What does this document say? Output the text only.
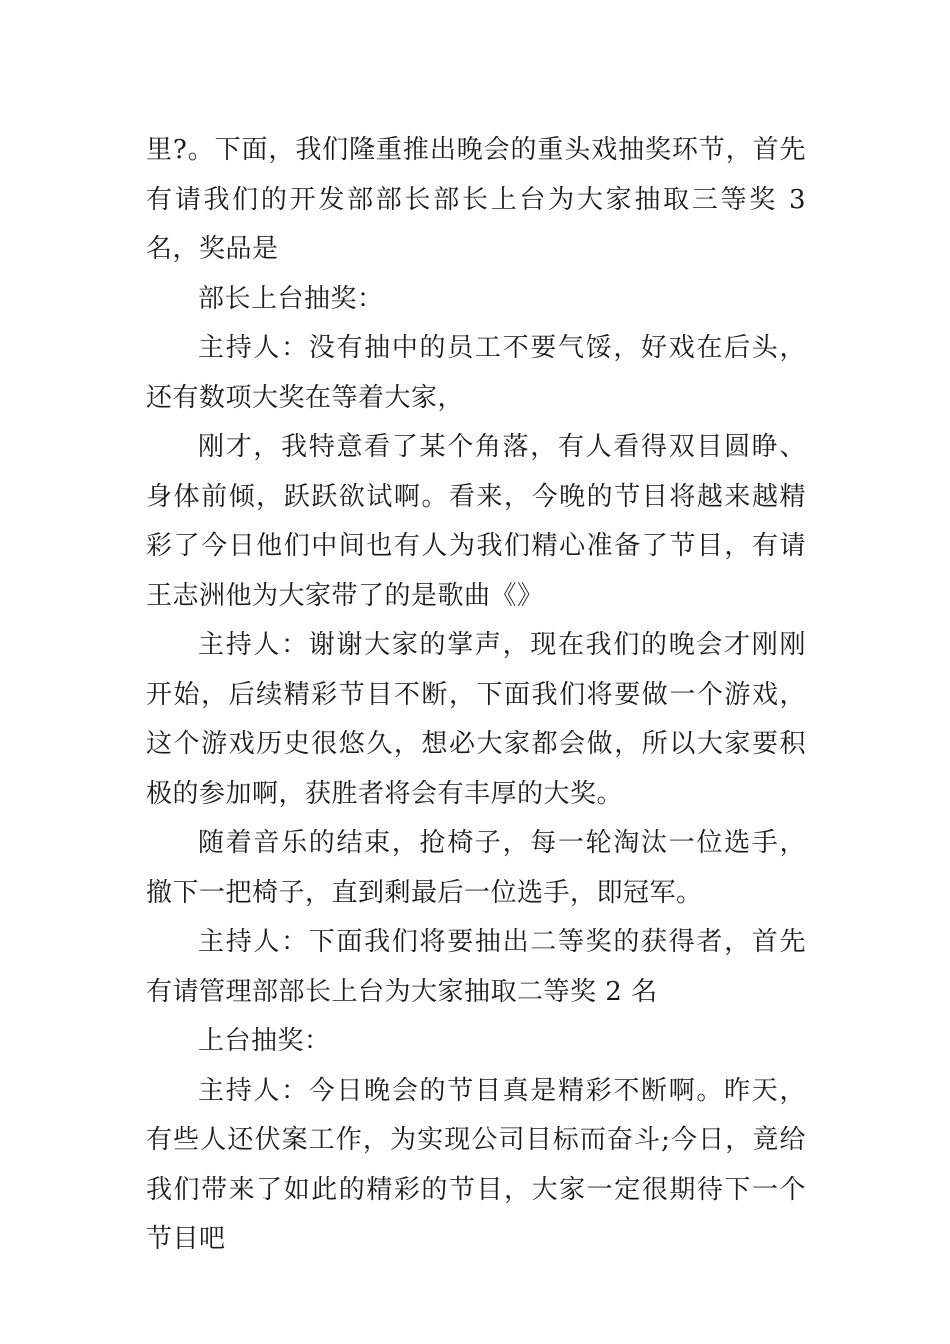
里?。下面，我们隆重推出晚会的重头戏抽奖环节，首先有请我们的开发部部长部长上台为大家抽取三等奖 3 名，奖品是

部长上台抽奖：

主持人：没有抽中的员工不要气馁，好戏在后头，还有数项大奖在等着大家，

刚才，我特意看了某个角落，有人看得双目圆睁、身体前倾，跃跃欲试啊。看来，今晚的节目将越来越精彩了今日他们中间也有人为我们精心准备了节目，有请王志洲他为大家带了的是歌曲《》

主持人：谢谢大家的掌声，现在我们的晚会才刚刚开始，后续精彩节目不断，下面我们将要做一个游戏，这个游戏历史很悠久，想必大家都会做，所以大家要积极的参加啊，获胜者将会有丰厚的大奖。

随着音乐的结束，抢椅子，每一轮淘汰一位选手，撤下一把椅子，直到剩最后一位选手，即冠军。

主持人：下面我们将要抽出二等奖的获得者，首先有请管理部部长上台为大家抽取二等奖 2 名

上台抽奖：

主持人：今日晚会的节目真是精彩不断啊。昨天，有些人还伏案工作，为实现公司目标而奋斗;今日，竟给我们带来了如此的精彩的节目，大家一定很期待下一个节目吧
